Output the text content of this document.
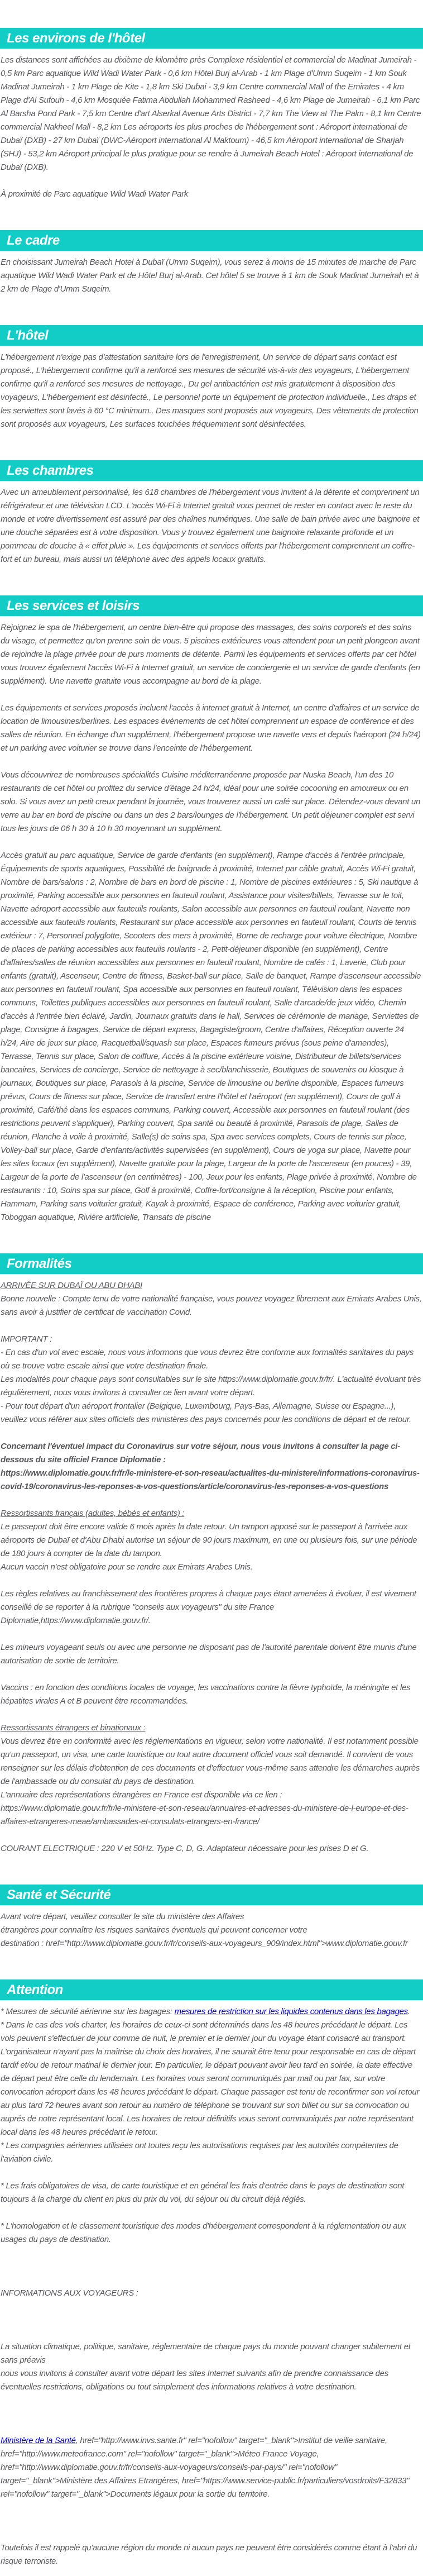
Les environs de l'hôtel

Les distances sont affichées au dixième de kilomètre près Complexe résidentiel et commercial de Madinat Jumeirah - 0,5 km Parc aquatique Wild Wadi Water Park - 0,6 km Hôtel Burj al-Arab - 1 km Plage d'Umm Suqeim - 1 km Souk Madinat Jumeirah - 1 km Plage de Kite - 1,8 km Ski Dubai - 3,9 km Centre commercial Mall of the Emirates - 4 km Plage d'Al Sufouh - 4,6 km Mosquée Fatima Abdullah Mohammed Rasheed - 4,6 km Plage de Jumeirah - 6,1 km Parc Al Barsha Pond Park - 7,5 km Centre d'art Alserkal Avenue Arts District - 7,7 km The View at The Palm - 8,1 km Centre commercial Nakheel Mall - 8,2 km Les aéroports les plus proches de l'hébergement sont : Aéroport international de Dubaï (DXB) - 27 km Dubaï (DWC-Aéroport international Al Maktoum) - 46,5 km Aéroport international de Sharjah (SHJ) - 53,2 km Aéroport principal le plus pratique pour se rendre à Jumeirah Beach Hotel : Aéroport international de Dubaï (DXB).

À proximité de Parc aquatique Wild Wadi Water Park

Le cadre

En choisissant Jumeirah Beach Hotel à Dubaï (Umm Suqeim), vous serez à moins de 15 minutes de marche de Parc aquatique Wild Wadi Water Park et de Hôtel Burj al-Arab. Cet hôtel 5 se trouve à 1 km de Souk Madinat Jumeirah et à 2 km de Plage d'Umm Suqeim.

L'hôtel

L'hébergement n'exige pas d'attestation sanitaire lors de l'enregistrement, Un service de départ sans contact est proposé., L'hébergement confirme qu'il a renforcé ses mesures de sécurité vis-à-vis des voyageurs, L'hébergement confirme qu'il a renforcé ses mesures de nettoyage., Du gel antibactérien est mis gratuitement à disposition des voyageurs, L'hébergement est désinfecté., Le personnel porte un équipement de protection individuelle., Les draps et les serviettes sont lavés à 60 °C minimum., Des masques sont proposés aux voyageurs, Des vêtements de protection sont proposés aux voyageurs, Les surfaces touchées fréquemment sont désinfectées.

Les chambres

Avec un ameublement personnalisé, les 618 chambres de l'hébergement vous invitent à la détente et comprennent un réfrigérateur et une télévision LCD. L'accès Wi-Fi à Internet gratuit vous permet de rester en contact avec le reste du monde et votre divertissement est assuré par des chaînes numériques. Une salle de bain privée avec une baignoire et une douche séparées est à votre disposition. Vous y trouvez également une baignoire relaxante profonde et un pommeau de douche à « effet pluie ». Les équipements et services offerts par l'hébergement comprennent un coffre-fort et un bureau, mais aussi un téléphone avec des appels locaux gratuits.

Les services et loisirs

Rejoignez le spa de l'hébergement, un centre bien-être qui propose des massages, des soins corporels et des soins du visage, et permettez qu'on prenne soin de vous. 5 piscines extérieures vous attendent pour un petit plongeon avant de rejoindre la plage privée pour de purs moments de détente. Parmi les équipements et services offerts par cet hôtel vous trouvez également l'accès Wi-Fi à Internet gratuit, un service de conciergerie et un service de garde d'enfants (en supplément). Une navette gratuite vous accompagne au bord de la plage.

Les équipements et services proposés incluent l'accès à internet gratuit à Internet, un centre d'affaires et un service de location de limousines/berlines. Les espaces événements de cet hôtel comprennent un espace de conférence et des salles de réunion. En échange d'un supplément, l'hébergement propose une navette vers et depuis l'aéroport (24 h/24) et un parking avec voiturier se trouve dans l'enceinte de l'hébergement.

Vous découvrirez de nombreuses spécialités Cuisine méditerranéenne proposée par Nuska Beach, l'un des 10 restaurants de cet hôtel ou profitez du service d'étage 24 h/24, idéal pour une soirée cocooning en amoureux ou en solo. Si vous avez un petit creux pendant la journée, vous trouverez aussi un café sur place. Détendez-vous devant un verre au bar en bord de piscine ou dans un des 2 bars/lounges de l'hébergement. Un petit déjeuner complet est servi tous les jours de 06 h 30 à 10 h 30 moyennant un supplément.

Accès gratuit au parc aquatique, Service de garde d'enfants (en supplément), Rampe d'accès à l'entrée principale, Équipements de sports aquatiques, Possibilité de baignade à proximité, Internet par câble gratuit, Accès Wi-Fi gratuit, Nombre de bars/salons : 2, Nombre de bars en bord de piscine : 1, Nombre de piscines extérieures : 5, Ski nautique à proximité, Parking accessible aux personnes en fauteuil roulant, Assistance pour visites/billets, Terrasse sur le toit, Navette aéroport accessible aux fauteuils roulants, Salon accessible aux personnes en fauteuil roulant, Navette non accessible aux fauteuils roulants, Restaurant sur place accessible aux personnes en fauteuil roulant, Courts de tennis extérieur : 7, Personnel polyglotte, Scooters des mers à proximité, Borne de recharge pour voiture électrique, Nombre de places de parking accessibles aux fauteuils roulants - 2, Petit-déjeuner disponible (en supplément), Centre d'affaires/salles de réunion accessibles aux personnes en fauteuil roulant, Nombre de cafés : 1, Laverie, Club pour enfants (gratuit), Ascenseur, Centre de fitness, Basket-ball sur place, Salle de banquet, Rampe d'ascenseur accessible aux personnes en fauteuil roulant, Spa accessible aux personnes en fauteuil roulant, Télévision dans les espaces communs, Toilettes publiques accessibles aux personnes en fauteuil roulant, Salle d'arcade/de jeux vidéo, Chemin d'accès à l'entrée bien éclairé, Jardin, Journaux gratuits dans le hall, Services de cérémonie de mariage, Serviettes de plage, Consigne à bagages, Service de départ express, Bagagiste/groom, Centre d'affaires, Réception ouverte 24 h/24, Aire de jeux sur place, Racquetball/squash sur place, Espaces fumeurs prévus (sous peine d'amendes), Terrasse, Tennis sur place, Salon de coiffure, Accès à la piscine extérieure voisine, Distributeur de billets/services bancaires, Services de concierge, Service de nettoyage à sec/blanchisserie, Boutiques de souvenirs ou kiosque à journaux, Boutiques sur place, Parasols à la piscine, Service de limousine ou berline disponible, Espaces fumeurs prévus, Cours de fitness sur place, Service de transfert entre l'hôtel et l'aéroport (en supplément), Cours de golf à proximité, Café/thé dans les espaces communs, Parking couvert, Accessible aux personnes en fauteuil roulant (des restrictions peuvent s'appliquer), Parking couvert, Spa santé ou beauté à proximité, Parasols de plage, Salles de réunion, Planche à voile à proximité, Salle(s) de soins spa, Spa avec services complets, Cours de tennis sur place, Volley-ball sur place, Garde d'enfants/activités supervisées (en supplément), Cours de yoga sur place, Navette pour les sites locaux (en supplément), Navette gratuite pour la plage, Largeur de la porte de l'ascenseur (en pouces) - 39, Largeur de la porte de l'ascenseur (en centimètres) - 100, Jeux pour les enfants, Plage privée à proximité, Nombre de restaurants : 10, Soins spa sur place, Golf à proximité, Coffre-fort/consigne à la réception, Piscine pour enfants, Hammam, Parking sans voiturier gratuit, Kayak à proximité, Espace de conférence, Parking avec voiturier gratuit, Toboggan aquatique, Rivière artificielle, Transats de piscine

Formalités

ARRIVÉE SUR DUBAÏ OU ABU DHABI

Bonne nouvelle : Compte tenu de votre nationalité française, vous pouvez voyagez librement aux Emirats Arabes Unis, sans avoir à justifier de certificat de vaccination Covid.

IMPORTANT :

- En cas d'un vol avec escale, nous vous informons que vous devrez être conforme aux formalités sanitaires du pays où se trouve votre escale ainsi que votre destination finale.

Les modalités pour chaque pays sont consultables sur le site https://www.diplomatie.gouv.fr/fr/. L'actualité évoluant très régulièrement, nous vous invitons à consulter ce lien avant votre départ.

- Pour tout départ d'un aéroport frontalier (Belgique, Luxembourg, Pays-Bas, Allemagne, Suisse ou Espagne...), veuillez vous référer aux sites officiels des ministères des pays concernés pour les conditions de départ et de retour.

Concernant l'éventuel impact du Coronavirus sur votre séjour, nous vous invitons à consulter la page ci-dessous du site officiel France Diplomatie :

https://www.diplomatie.gouv.fr/fr/le-ministere-et-son-reseau/actualites-du-ministere/informations-coronavirus-covid-19/coronavirus-les-reponses-a-vos-questions/article/coronavirus-les-reponses-a-vos-questions

Ressortissants français (adultes, bébés et enfants) :

Le passeport doit être encore valide 6 mois après la date retour. Un tampon apposé sur le passeport à l'arrivée aux aéroports de Dubaï et d'Abu Dhabi autorise un séjour de 90 jours maximum, en une ou plusieurs fois, sur une période de 180 jours à compter de la date du tampon.

Aucun vaccin n'est obligatoire pour se rendre aux Emirats Arabes Unis.

Les règles relatives au franchissement des frontières propres à chaque pays étant amenées à évoluer, il est vivement conseillé de se reporter à la rubrique "conseils aux voyageurs" du site France Diplomatie,https://www.diplomatie.gouv.fr/.

Les mineurs voyageant seuls ou avec une personne ne disposant pas de l'autorité parentale doivent être munis d'une autorisation de sortie de territoire.

Vaccins : en fonction des conditions locales de voyage, les vaccinations contre la fièvre typhoïde, la méningite et les hépatites virales A et B peuvent être recommandées.

Ressortissants étrangers et binationaux :

Vous devrez être en conformité avec les réglementations en vigueur, selon votre nationalité. Il est notamment possible qu'un passeport, un visa, une carte touristique ou tout autre document officiel vous soit demandé. Il convient de vous renseigner sur les délais d'obtention de ces documents et d'effectuer vous-même sans attendre les démarches auprès de l'ambassade ou du consulat du pays de destination.

L'annuaire des représentations étrangères en France est disponible via ce lien :

https://www.diplomatie.gouv.fr/fr/le-ministere-et-son-reseau/annuaires-et-adresses-du-ministere-de-l-europe-et-des-affaires-etrangeres-meae/ambassades-et-consulats-etrangers-en-france/

COURANT ELECTRIQUE : 220 V et 50Hz. Type C, D, G. Adaptateur nécessaire pour les prises D et G.

Santé et Sécurité

Avant votre départ, veuillez consulter le site du ministère des Affaires

étrangères pour connaître les risques sanitaires éventuels qui peuvent concerner votre

destination : href="http://www.diplomatie.gouv.fr/fr/conseils-aux-voyageurs_909/index.html">www.diplomatie.gouv.fr

Attention

* Mesures de sécurité aérienne sur les bagages: mesures de restriction sur les liquides contenus dans les bagages.

* Dans le cas des vols charter, les horaires de ceux-ci sont déterminés dans les 48 heures précédant le départ. Les vols peuvent s'effectuer de jour comme de nuit, le premier et le dernier jour du voyage étant consacré au transport. L'organisateur n'ayant pas la maîtrise du choix des horaires, il ne saurait être tenu pour responsable en cas de départ tardif et/ou de retour matinal le dernier jour. En particulier, le départ pouvant avoir lieu tard en soirée, la date effective de départ peut être celle du lendemain. Les horaires vous seront communiqués par mail ou par fax, sur votre convocation aéroport dans les 48 heures précédant le départ. Chaque passager est tenu de reconfirmer son vol retour au plus tard 72 heures avant son retour au numéro de téléphone se trouvant sur son billet ou sur sa convocation ou auprés de notre représentant local. Les horaires de retour définitifs vous seront communiqués par notre représentant local dans les 48 heures précédant le retour.

* Les compagnies aériennes utilisées ont toutes reçu les autorisations requises par les autorités compétentes de l'aviation civile.

* Les frais obligatoires de visa, de carte touristique et en général les frais d'entrée dans le pays de destination sont toujours à la charge du client en plus du prix du vol, du séjour ou du circuit déjà réglés.

* L'homologation et le classement touristique des modes d'hébergement correspondent à la réglementation ou aux usages du pays de destination.

INFORMATIONS AUX VOYAGEURS :

La situation climatique, politique, sanitaire, réglementaire de chaque pays du monde pouvant changer subitement et sans préavis

nous vous invitons à consulter avant votre départ les sites Internet suivants afin de prendre connaissance des éventuelles restrictions, obligations ou tout simplement des informations relatives à votre destination.

Ministère de la Santé, href="http://www.invs.sante.fr" rel="nofollow" target="_blank">Institut de veille sanitaire, href="http://www.meteofrance.com" rel="nofollow" target="_blank">Méteo France Voyage, href="http://www.diplomatie.gouv.fr/fr/conseils-aux-voyageurs/conseils-par-pays/" rel="nofollow" target="_blank">Ministère des Affaires Etrangères, href="https://www.service-public.fr/particuliers/vosdroits/F32833" rel="nofollow" target="_blank">Documents légaux pour la sortie du territoire.

Toutefois il est rappelé qu'aucune région du monde ni aucun pays ne peuvent être considérés comme étant à l'abri du risque terroriste.
